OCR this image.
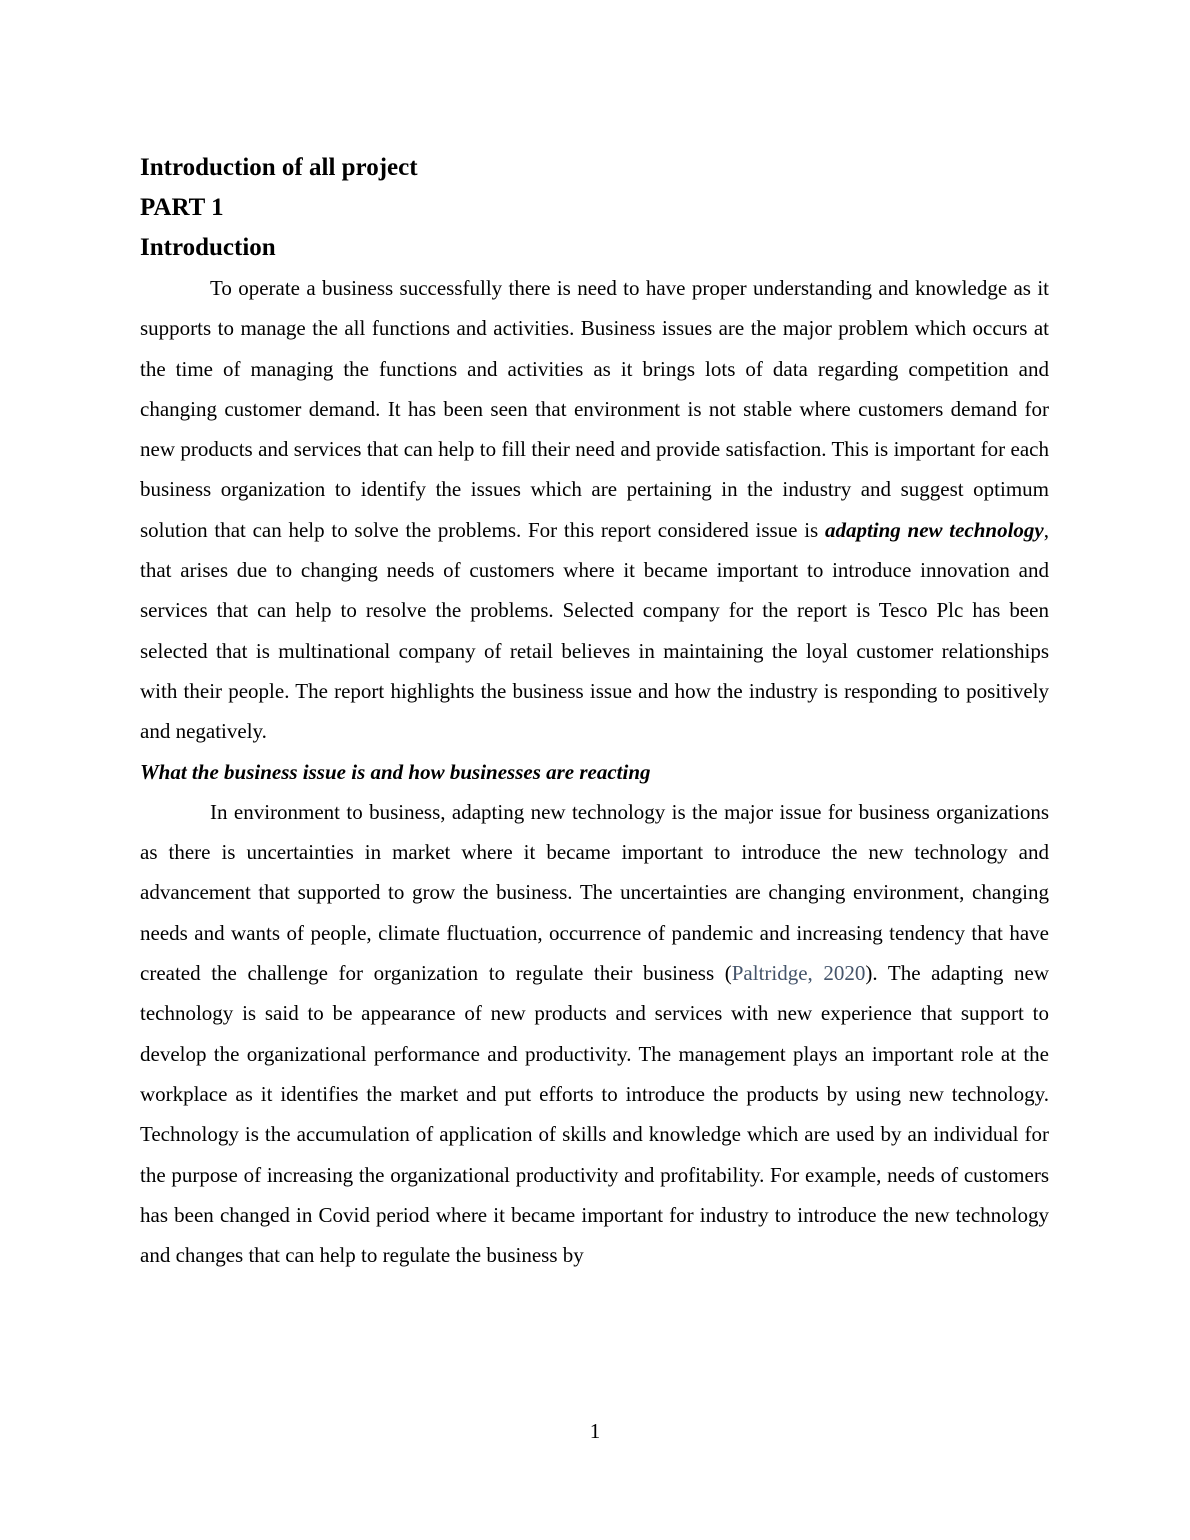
Introduction of all project
PART 1
Introduction

To operate a business successfully there is need to have proper understanding and knowledge as it supports to manage the all functions and activities. Business issues are the major problem which occurs at the time of managing the functions and activities as it brings lots of data regarding competition and changing customer demand. It has been seen that environment is not stable where customers demand for new products and services that can help to fill their need and provide satisfaction. This is important for each business organization to identify the issues which are pertaining in the industry and suggest optimum solution that can help to solve the problems. For this report considered issue is adapting new technology, that arises due to changing needs of customers where it became important to introduce innovation and services that can help to resolve the problems. Selected company for the report is Tesco Plc has been selected that is multinational company of retail believes in maintaining the loyal customer relationships with their people. The report highlights the business issue and how the industry is responding to positively and negatively.

What the business issue is and how businesses are reacting

In environment to business, adapting new technology is the major issue for business organizations as there is uncertainties in market where it became important to introduce the new technology and advancement that supported to grow the business. The uncertainties are changing environment, changing needs and wants of people, climate fluctuation, occurrence of pandemic and increasing tendency that have created the challenge for organization to regulate their business (Paltridge, 2020). The adapting new technology is said to be appearance of new products and services with new experience that support to develop the organizational performance and productivity. The management plays an important role at the workplace as it identifies the market and put efforts to introduce the products by using new technology. Technology is the accumulation of application of skills and knowledge which are used by an individual for the purpose of increasing the organizational productivity and profitability. For example, needs of customers has been changed in Covid period where it became important for industry to introduce the new technology and changes that can help to regulate the business by

1
